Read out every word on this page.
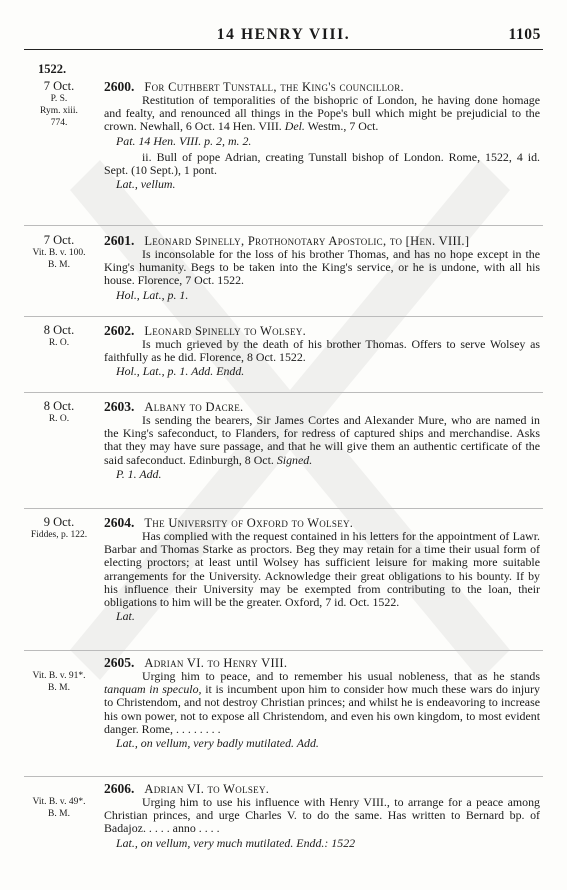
14 HENRY VIII.	1105
1522.
7 Oct.
P. S.
Rym. xiii.
774.
2600. For Cuthbert Tunstall, the King's councillor.

Restitution of temporalities of the bishopric of London, he having done homage and fealty, and renounced all things in the Pope's bull which might be prejudicial to the crown. Newhall, 6 Oct. 14 Hen. VIII. Del. Westm., 7 Oct.

Pat. 14 Hen. VIII. p. 2, m. 2.

ii. Bull of pope Adrian, creating Tunstall bishop of London. Rome, 1522, 4 id. Sept. (10 Sept.), 1 pont.

Lat., vellum.

7 Oct.
Vit. B. v. 100.
B. M.
2601. Leonard Spinelly, Prothonotary Apostolic, to [Hen. VIII.]

Is inconsolable for the loss of his brother Thomas, and has no hope except in the King's humanity. Begs to be taken into the King's service, or he is undone, with all his house. Florence, 7 Oct. 1522.

Hol., Lat., p. 1.

8 Oct.
R. O.
2602. Leonard Spinelly to Wolsey.

Is much grieved by the death of his brother Thomas. Offers to serve Wolsey as faithfully as he did. Florence, 8 Oct. 1522.

Hol., Lat., p. 1. Add. Endd.

8 Oct.
R. O.
2603. Albany to Dacre.

Is sending the bearers, Sir James Cortes and Alexander Mure, who are named in the King's safeconduct, to Flanders, for redress of captured ships and merchandise. Asks that they may have sure passage, and that he will give them an authentic certificate of the said safeconduct. Edinburgh, 8 Oct. Signed.

P. 1. Add.

9 Oct.
Fiddes, p. 122.
2604. The University of Oxford to Wolsey.

Has complied with the request contained in his letters for the appointment of Lawr. Barbar and Thomas Starke as proctors. Beg they may retain for a time their usual form of electing proctors; at least until Wolsey has sufficient leisure for making more suitable arrangements for the University. Acknowledge their great obligations to his bounty. If by his influence their University may be exempted from contributing to the loan, their obligations to him will be the greater. Oxford, 7 id. Oct. 1522.

Lat.

Vit. B. v. 91*.
B. M.
2605. Adrian VI. to Henry VIII.

Urging him to peace, and to remember his usual nobleness, that as he stands tanquam in speculo, it is incumbent upon him to consider how much these wars do injury to Christendom, and not destroy Christian princes; and whilst he is endeavoring to increase his own power, not to expose all Christendom, and even his own kingdom, to most evident danger. Rome, . . . . . . . .

Lat., on vellum, very badly mutilated. Add.

Vit. B. v. 49*.
B. M.
2606. Adrian VI. to Wolsey.

Urging him to use his influence with Henry VIII., to arrange for a peace among Christian princes, and urge Charles V. to do the same. Has written to Bernard bp. of Badajoz. . . . . anno . . . .

Lat., on vellum, very much mutilated. Endd.: 1522
